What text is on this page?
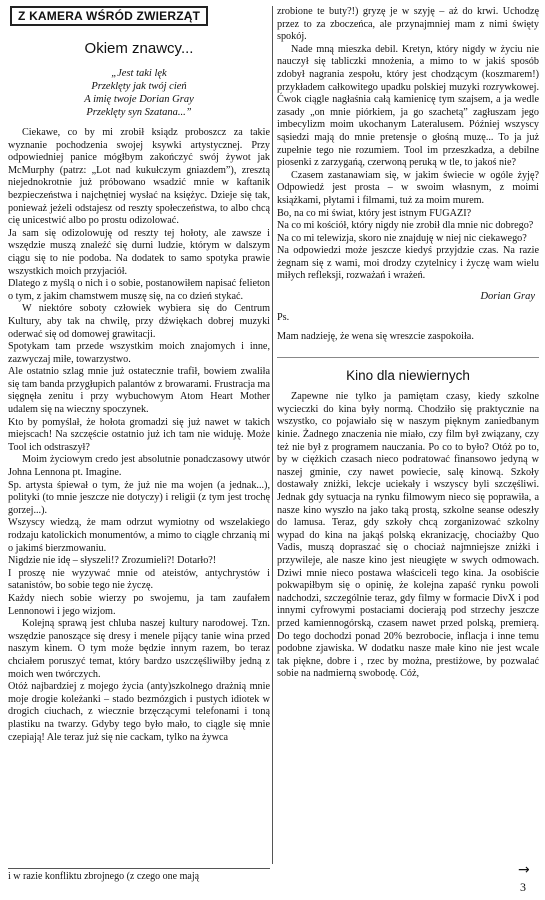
Z KAMERA WŚRÓD ZWIERZĄT
Okiem znawcy...
„Jest taki lęk
Przeklęty jak twój cień
A imię twoje Dorian Gray
Przeklęty syn Szatana...”

Ciekawe, co by mi zrobił ksiądz proboszcz za takie wyznanie pochodzenia swojej ksywki artystycznej. Przy odpowiedniej panice mógłbym zakończyć swój żywot jak McMurphy (patrz: „Lot nad kukułczym gniazdem”), zresztą niejednokrotnie już próbowano wsadzić mnie w kaftanik bezpieczeństwa i najchętniej wysłać na księżyc. Dzieje się tak, ponieważ jeżeli odstajesz od reszty społeczeństwa, to albo chcą cię unicestwić albo po prostu odizolować.

Ja sam się odizolowuję od reszty tej hołoty, ale zawsze i wszędzie muszą znaleźć się durni ludzie, którym w dalszym ciągu się to nie podoba. Na dodatek to samo spotyka prawie wszystkich moich przyjaciół.

Dlatego z myślą o nich i o sobie, postanowiłem napisać felieton o tym, z jakim chamstwem muszę się, na co dzień stykać.

W niektóre soboty człowiek wybiera się do Centrum Kultury, aby tak na chwilę, przy dźwiękach dobrej muzyki oderwać się od domowej grawitacji.

Spotykam tam przede wszystkim moich znajomych i inne, zazwyczaj miłe, towarzystwo.

Ale ostatnio szlag mnie już ostatecznie trafił, bowiem zwaliła się tam banda przygłupich palantów z browarami. Frustracja ma sięgnęła zenitu i przy wybuchowym Atom Heart Mother udalem się na wieczny spoczynek.

Kto by pomyślał, że hołota gromadzi się już nawet w takich miejscach! Na szczęście ostatnio już ich tam nie widuję. Może Tool ich odstraszył?

Moim życiowym credo jest absolutnie ponadczasowy utwór Johna Lennona pt. Imagine.

Sp. artysta śpiewał o tym, że już nie ma wojen (a jednak...), polityki (to mnie jeszcze nie dotyczy) i religii (z tym jest trochę gorzej...).

Wszyscy wiedzą, że mam odrzut wymiotny od wszelakiego rodzaju katolickich monumentów, a mimo to ciągle chrzanią mi o jakimś bierzmowaniu.

Nigdzie nie idę – słyszeli!? Zrozumieli?! Dotarło?!

I proszę nie wyzywać mnie od ateistów, antychrystów i satanistów, bo sobie tego nie życzę.

Każdy niech sobie wierzy po swojemu, ja tam zaufałem Lennonowi i jego wizjom.

Kolejną sprawą jest chluba naszej kultury narodowej. Tzn. wszędzie panoszące się dresy i menele pijący tanie wina przed naszym kinem. O tym może będzie innym razem, bo teraz chciałem poruszyć temat, który bardzo uszczęśliwiłby jedną z moich wen twórczych.

Otóż najbardziej z mojego życia (anty)szkolnego drażnią mnie moje drogie koleżanki – stado bezmózgich i pustych idiotek w drogich ciuchach, z wiecznie brzęczącymi telefonami i toną plastiku na twarzy. Gdyby tego było mało, to ciągle się mnie czepiają! Ale teraz już się nie cackam, tylko na żywca

zrobione te buty?!) gryzę je w szyję – aż do krwi. Uchodzę przez to za zboczeńca, ale przynajmniej mam z nimi święty spokój.

Nade mną mieszka debil. Kretyn, który nigdy w życiu nie nauczył się tabliczki mnożenia, a mimo to w jakiś sposób zdobył nagrania zespołu, który jest chodzącym (koszmarem!) przykładem całkowitego upadku polskiej muzyki rozrywkowej. Ćwok ciągle nagłaśnia całą kamienicę tym szajsem, a ja wedle zasady „on mnie piórkiem, ja go szachetą” zagłuszam jego imbecylizm moim ukochanym Lateralusem. Później wszyscy sąsiedzi mają do mnie pretensje o głośną muzę... To ja już zupełnie tego nie rozumiem. Tool im przeszkadza, a debilne piosenki z zarzygańą, czerwoną peruką w tle, to jakoś nie?

Czasem zastanawiam się, w jakim świecie w ogóle żyję? Odpowiedź jest prosta – w swoim własnym, z moimi książkami, płytami i filmami, tuż za moim murem.

Bo, na co mi świat, który jest istnym FUGAZI?

Na co mi kościół, który nigdy nie zrobił dla mnie nic dobrego?

Na co mi telewizja, skoro nie znajduję w niej nic ciekawego?

Na odpowiedzi może jeszcze kiedyś przyjdzie czas. Na razie żegnam się z wami, moi drodzy czytelnicy i życzę wam wielu miłych refleksji, rozważań i wrażeń.

Dorian Gray
Ps.
Mam nadzieję, że wena się wreszcie zaspokoiła.
Kino dla niewiernych

Zapewne nie tylko ja pamiętam czasy, kiedy szkolne wycieczki do kina były normą. Chodziło się praktycznie na wszystko, co pojawiało się w naszym pięknym zaniedbanym kinie. Żadnego znaczenia nie miało, czy film był związany, czy też nie był z programem nauczania. Po co to było? Otóż po to, by w ciężkich czasach nieco podratować finansowo jedyną w naszej gminie, czy nawet powiecie, salę kinową. Szkoły dostawały zniżki, lekcje uciekały i wszyscy byli szczęśliwi. Jednak gdy sytuacja na rynku filmowym nieco się poprawiła, a nasze kino wyszło na jako taką prostą, szkolne seanse odeszły do lamusa. Teraz, gdy szkoły chcą zorganizować szkolny wypad do kina na jakąś polską ekranizację, chociażby Quo Vadis, muszą dopraszać się o chociaż najmniejsze zniżki i przywileje, ale nasze kino jest nieugięte w swych odmowach. Dziwi mnie nieco postawa właściceli tego kina. Ja osobiście pokwapiłbym się o opinię, że kolejna zapaść rynku powoli nadchodzi, szczególnie teraz, gdy filmy w formacie DivX i pod innymi cyfrowymi postaciami docierają pod strzechy jeszcze przed kamiennogórską, czasem nawet przed polską, premierą. Do tego dochodzi ponad 20% bezrobocie, inflacja i inne temu podobne zjawiska. W dodatku nasze małe kino nie jest wcale tak piękne, dobre i , rzec by można, prestiżowe, by pozwalać sobie na nadmierną swobodę. Cóż,

i w razie konfliktu zbrojnego (z czego one mają	→
3
